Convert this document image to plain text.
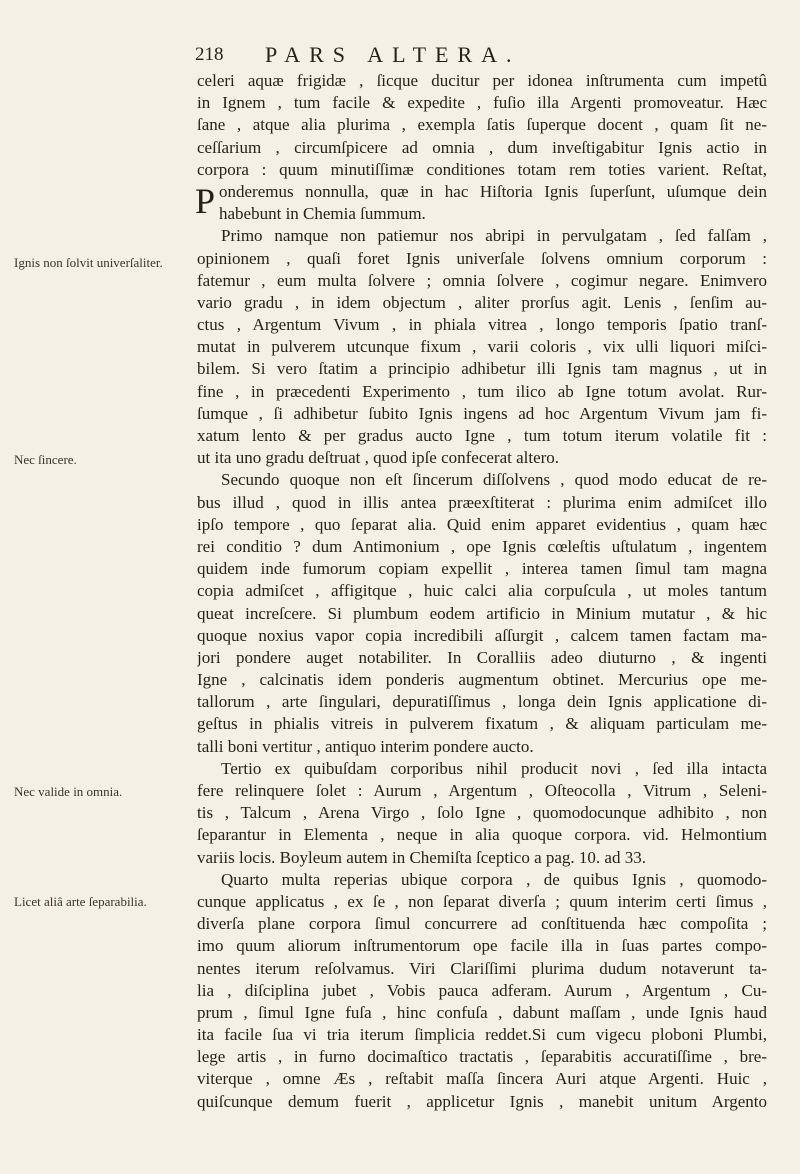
218 PARS ALTERA.
Ignis non ſolvit univerſaliter.
Nec ſincere.
Nec valide in omnia.
Licet aliâ arte ſeparabilia.
celeri aquæ frigidæ , ſicque ducitur per idonea inſtrumenta cum impetû
in Ignem , tum facile & expedite , fuſio illa Argenti promoveatur. Hæc
ſane , atque alia plurima , exempla ſatis ſuperque docent , quam ſit ne-
ceſſarium , circumſpicere ad omnia , dum inveſtigabitur Ignis actio in
corpora : quum minutiſſimæ conditiones totam rem toties varient. Reſtat,
P onderemus nonnulla, quæ in hac Hiſtoria Ignis ſuperſunt, uſumque dein
habebunt in Chemia ſummum.
Primo namque non patiemur nos abripi in pervulgatam , ſed falſam ,
opinionem , quaſi foret Ignis univerſale ſolvens omnium corporum :
fatemur , eum multa ſolvere ; omnia ſolvere , cogimur negare. Enimvero
vario gradu , in idem objectum , aliter prorſus agit. Lenis , ſenſim au-
ctus , Argentum Vivum , in phiala vitrea , longo temporis ſpatio tranſ-
mutat in pulverem utcunque fixum , varii coloris , vix ulli liquori miſci-
bilem. Si vero ſtatim a principio adhibetur illi Ignis tam magnus , ut in
fine , in præcedenti Experimento , tum ilico ab Igne totum avolat. Rur-
ſumque , ſi adhibetur ſubito Ignis ingens ad hoc Argentum Vivum jam fi-
xatum lento & per gradus aucto Igne , tum totum iterum volatile fit :
ut ita uno gradu deſtruat , quod ipſe confecerat altero.
Secundo quoque non eſt ſincerum diſſolvens , quod modo educat de re-
bus illud , quod in illis antea præexſtiterat : plurima enim admiſcet illo
ipſo tempore , quo ſeparat alia. Quid enim apparet evidentius , quam hæc
rei conditio ? dum Antimonium , ope Ignis cœleſtis uſtulatum , ingentem
quidem inde fumorum copiam expellit , interea tamen ſimul tam magna
copia admiſcet , affigitque , huic calci alia corpuſcula , ut moles tantum
queat increſcere. Si plumbum eodem artificio in Minium mutatur , & hic
quoque noxius vapor copia incredibili aſſurgit , calcem tamen factam ma-
jori pondere auget notabiliter. In Coralliis adeo diuturno , & ingenti
Igne , calcinatis idem ponderis augmentum obtinet. Mercurius ope me-
tallorum , arte ſingulari, depuratiſſimus , longa dein Ignis applicatione di-
geſtus in phialis vitreis in pulverem fixatum , & aliquam particulam me-
talli boni vertitur , antiquo interim pondere aucto.
Tertio ex quibuſdam corporibus nihil producit novi , ſed illa intacta
fere relinquere ſolet : Aurum , Argentum , Oſteocolla , Vitrum , Seleni-
tis , Talcum , Arena Virgo , ſolo Igne , quomodocunque adhibito , non
ſeparantur in Elementa , neque in alia quoque corpora. vid. Helmontium
variis locis. Boyleum autem in Chemiſta ſceptico a pag. 10. ad 33.
Quarto multa reperias ubique corpora , de quibus Ignis , quomodo-
cunque applicatus , ex ſe , non ſeparat diverſa ; quum interim certi ſimus ,
diverſa plane corpora ſimul concurrere ad conſtituenda hæc compoſita ;
imo quum aliorum inſtrumentorum ope facile illa in ſuas partes compo-
nentes iterum reſolvamus. Viri Clariſſimi plurima dudum notaverunt ta-
lia , diſciplina jubet , Vobis pauca adferam. Aurum , Argentum , Cu-
prum , ſimul Igne fuſa , hinc confuſa , dabunt maſſam , unde Ignis haud
ita facile ſua vi tria iterum ſimplicia reddet.Si cum vigecu ploboni Plumbi,
lege artis , in furno docimaſtico tractatis , ſeparabitis accuratiſſime , bre-
viterque , omne Æs , reſtabit maſſa ſincera Auri atque Argenti. Huic ,
quiſcunque demum fuerit , applicetur Ignis , manebit unitum Argento
